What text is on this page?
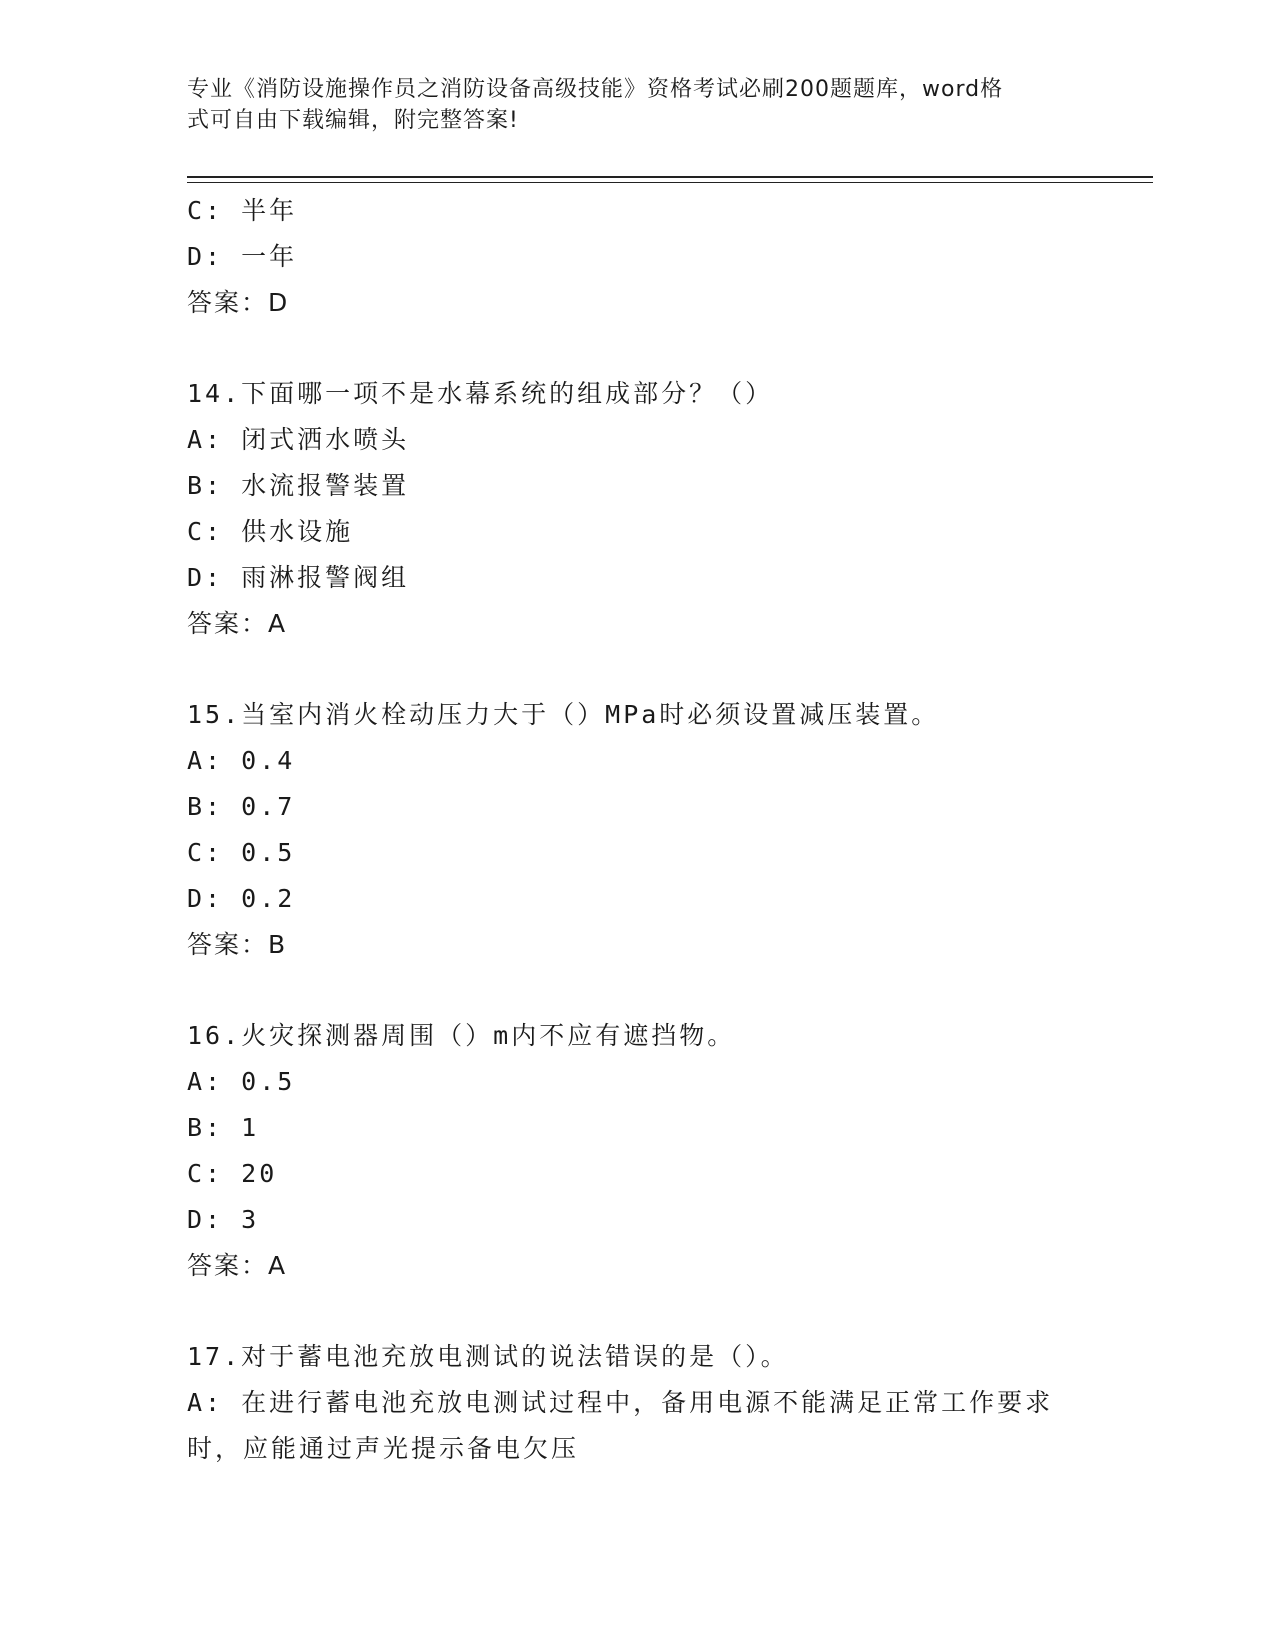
专业《消防设施操作员之消防设备高级技能》资格考试必刷200题题库，word格
式可自由下载编辑，附完整答案!
C: 半年
D: 一年
答案：D
14.下面哪一项不是水幕系统的组成部分？（）
A: 闭式洒水喷头
B: 水流报警装置
C: 供水设施
D: 雨淋报警阀组
答案：A
15.当室内消火栓动压力大于（）MPa时必须设置减压装置。
A: 0.4
B: 0.7
C: 0.5
D: 0.2
答案：B
16.火灾探测器周围（）m内不应有遮挡物。
A: 0.5
B: 1
C: 20
D: 3
答案：A
17.对于蓄电池充放电测试的说法错误的是（）。
A: 在进行蓄电池充放电测试过程中，备用电源不能满足正常工作要求时，应能通过声光提示备电欠压
